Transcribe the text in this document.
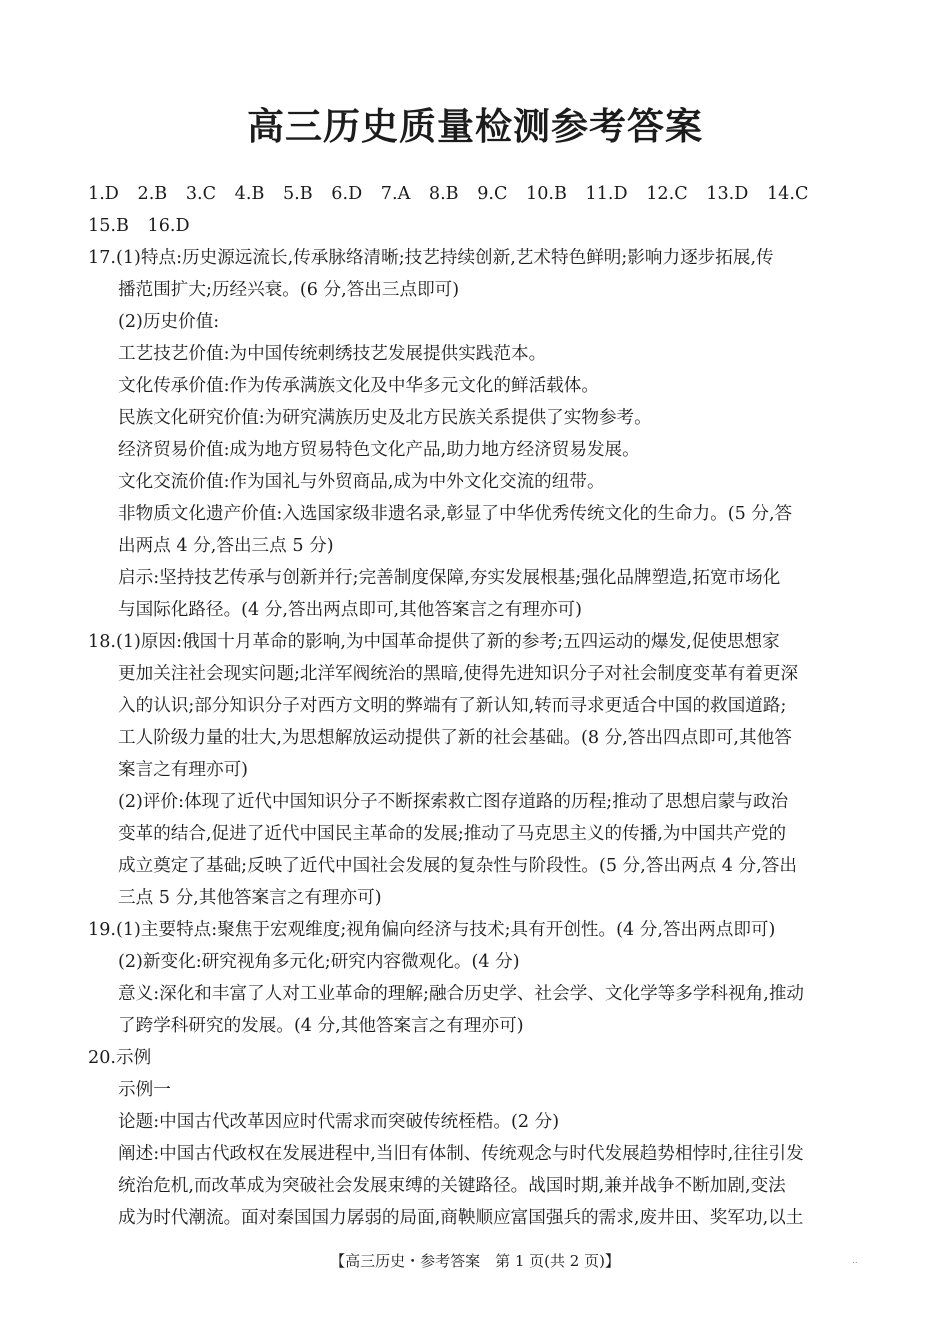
高三历史质量检测参考答案
1.D 2.B 3.C 4.B 5.B 6.D 7.A 8.B 9.C 10.B 11.D 12.C 13.D 14.C
15.B 16.D
17.(1)特点:历史源远流长,传承脉络清晰;技艺持续创新,艺术特色鲜明;影响力逐步拓展,传
播范围扩大;历经兴衰。(6 分,答出三点即可)
(2)历史价值:
工艺技艺价值:为中国传统刺绣技艺发展提供实践范本。
文化传承价值:作为传承满族文化及中华多元文化的鲜活载体。
民族文化研究价值:为研究满族历史及北方民族关系提供了实物参考。
经济贸易价值:成为地方贸易特色文化产品,助力地方经济贸易发展。
文化交流价值:作为国礼与外贸商品,成为中外文化交流的纽带。
非物质文化遗产价值:入选国家级非遗名录,彰显了中华优秀传统文化的生命力。(5 分,答
出两点 4 分,答出三点 5 分)
启示:坚持技艺传承与创新并行;完善制度保障,夯实发展根基;强化品牌塑造,拓宽市场化
与国际化路径。(4 分,答出两点即可,其他答案言之有理亦可)
18.(1)原因:俄国十月革命的影响,为中国革命提供了新的参考;五四运动的爆发,促使思想家
更加关注社会现实问题;北洋军阀统治的黑暗,使得先进知识分子对社会制度变革有着更深
入的认识;部分知识分子对西方文明的弊端有了新认知,转而寻求更适合中国的救国道路;
工人阶级力量的壮大,为思想解放运动提供了新的社会基础。(8 分,答出四点即可,其他答
案言之有理亦可)
(2)评价:体现了近代中国知识分子不断探索救亡图存道路的历程;推动了思想启蒙与政治
变革的结合,促进了近代中国民主革命的发展;推动了马克思主义的传播,为中国共产党的
成立奠定了基础;反映了近代中国社会发展的复杂性与阶段性。(5 分,答出两点 4 分,答出
三点 5 分,其他答案言之有理亦可)
19.(1)主要特点:聚焦于宏观维度;视角偏向经济与技术;具有开创性。(4 分,答出两点即可)
(2)新变化:研究视角多元化;研究内容微观化。(4 分)
意义:深化和丰富了人对工业革命的理解;融合历史学、社会学、文化学等多学科视角,推动
了跨学科研究的发展。(4 分,其他答案言之有理亦可)
20.示例
示例一
论题:中国古代改革因应时代需求而突破传统桎梏。(2 分)
阐述:中国古代政权在发展进程中,当旧有体制、传统观念与时代发展趋势相悖时,往往引发
统治危机,而改革成为突破社会发展束缚的关键路径。战国时期,兼并战争不断加剧,变法
成为时代潮流。面对秦国国力孱弱的局面,商鞅顺应富国强兵的需求,废井田、奖军功,以土
【高三历史・参考答案　第 1 页(共 2 页)】	..
